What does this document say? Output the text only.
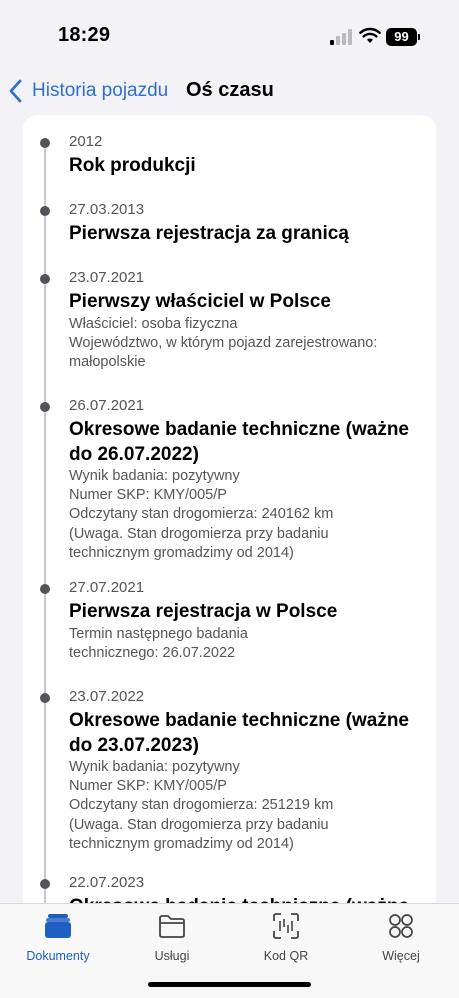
18:29	99
Historia pojazdu Oś czasu
2012
Rok produkcji
27.03.2013
Pierwsza rejestracja za granicą
23.07.2021
Pierwszy właściciel w Polsce
Właściciel: osoba fizyczna
Województwo, w którym pojazd zarejestrowano:
małopolskie
26.07.2021
Okresowe badanie techniczne (ważne
do 26.07.2022)
Wynik badania: pozytywny
Numer SKP: KMY/005/P
Odczytany stan drogomierza: 240162 km
(Uwaga. Stan drogomierza przy badaniu
technicznym gromadzimy od 2014)
27.07.2021
Pierwsza rejestracja w Polsce
Termin następnego badania
technicznego: 26.07.2022
23.07.2022
Okresowe badanie techniczne (ważne
do 23.07.2023)
Wynik badania: pozytywny
Numer SKP: KMY/005/P
Odczytany stan drogomierza: 251219 km
(Uwaga. Stan drogomierza przy badaniu
technicznym gromadzimy od 2014)
22.07.2023
Dokumenty	Usługi	Kod QR	Więcej
